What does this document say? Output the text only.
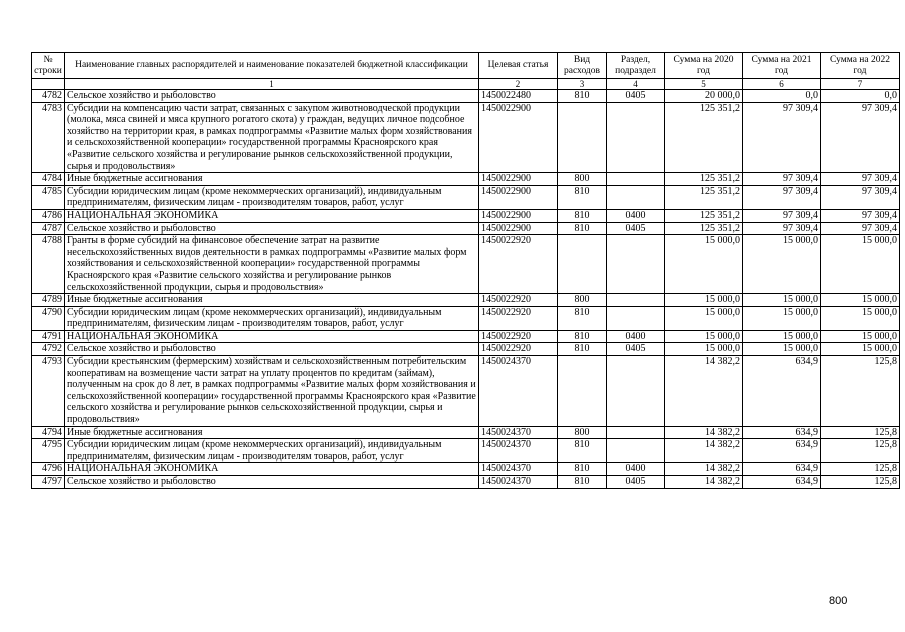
№ строки	Наименование главных распорядителей и наименование показателей бюджетной классификации	Целевая статья	Вид расходов	Раздел, подраздел	Сумма на 2020 год	Сумма на 2021 год	Сумма на 2022 год
	1	2	3	4	5	6	7
4782	Сельское хозяйство и рыболовство	1450022480	810	0405	20 000,0	0,0	0,0
4783	Субсидии на компенсацию части затрат, связанных с закупом животноводческой продукции (молока, мяса свиней и мяса крупного рогатого скота) у граждан, ведущих личное подсобное хозяйство на территории края, в рамках подпрограммы «Развитие малых форм хозяйствования и сельскохозяйственной кооперации» государственной программы Красноярского края «Развитие сельского хозяйства и регулирование рынков сельскохозяйственной продукции, сырья и продовольствия»	1450022900			125 351,2	97 309,4	97 309,4
4784	Иные бюджетные ассигнования	1450022900	800		125 351,2	97 309,4	97 309,4
4785	Субсидии юридическим лицам (кроме некоммерческих организаций), индивидуальным предпринимателям, физическим лицам - производителям товаров, работ, услуг	1450022900	810		125 351,2	97 309,4	97 309,4
4786	НАЦИОНАЛЬНАЯ ЭКОНОМИКА	1450022900	810	0400	125 351,2	97 309,4	97 309,4
4787	Сельское хозяйство и рыболовство	1450022900	810	0405	125 351,2	97 309,4	97 309,4
4788	Гранты в форме субсидий на финансовое обеспечение затрат на развитие несельскохозяйственных видов деятельности в рамках подпрограммы «Развитие малых форм хозяйствования и сельскохозяйственной кооперации» государственной программы Красноярского края «Развитие сельского хозяйства и регулирование рынков сельскохозяйственной продукции, сырья и продовольствия»	1450022920			15 000,0	15 000,0	15 000,0
4789	Иные бюджетные ассигнования	1450022920	800		15 000,0	15 000,0	15 000,0
4790	Субсидии юридическим лицам (кроме некоммерческих организаций), индивидуальным предпринимателям, физическим лицам - производителям товаров, работ, услуг	1450022920	810		15 000,0	15 000,0	15 000,0
4791	НАЦИОНАЛЬНАЯ ЭКОНОМИКА	1450022920	810	0400	15 000,0	15 000,0	15 000,0
4792	Сельское хозяйство и рыболовство	1450022920	810	0405	15 000,0	15 000,0	15 000,0
4793	Субсидии крестьянским (фермерским) хозяйствам и сельскохозяйственным потребительским кооперативам на возмещение части затрат на уплату процентов по кредитам (займам), полученным на срок до 8 лет, в рамках подпрограммы «Развитие малых форм хозяйствования и сельскохозяйственной кооперации» государственной программы Красноярского края «Развитие сельского хозяйства и регулирование рынков сельскохозяйственной продукции, сырья и продовольствия»	1450024370			14 382,2	634,9	125,8
4794	Иные бюджетные ассигнования	1450024370	800		14 382,2	634,9	125,8
4795	Субсидии юридическим лицам (кроме некоммерческих организаций), индивидуальным предпринимателям, физическим лицам - производителям товаров, работ, услуг	1450024370	810		14 382,2	634,9	125,8
4796	НАЦИОНАЛЬНАЯ ЭКОНОМИКА	1450024370	810	0400	14 382,2	634,9	125,8
4797	Сельское хозяйство и рыболовство	1450024370	810	0405	14 382,2	634,9	125,8
800
